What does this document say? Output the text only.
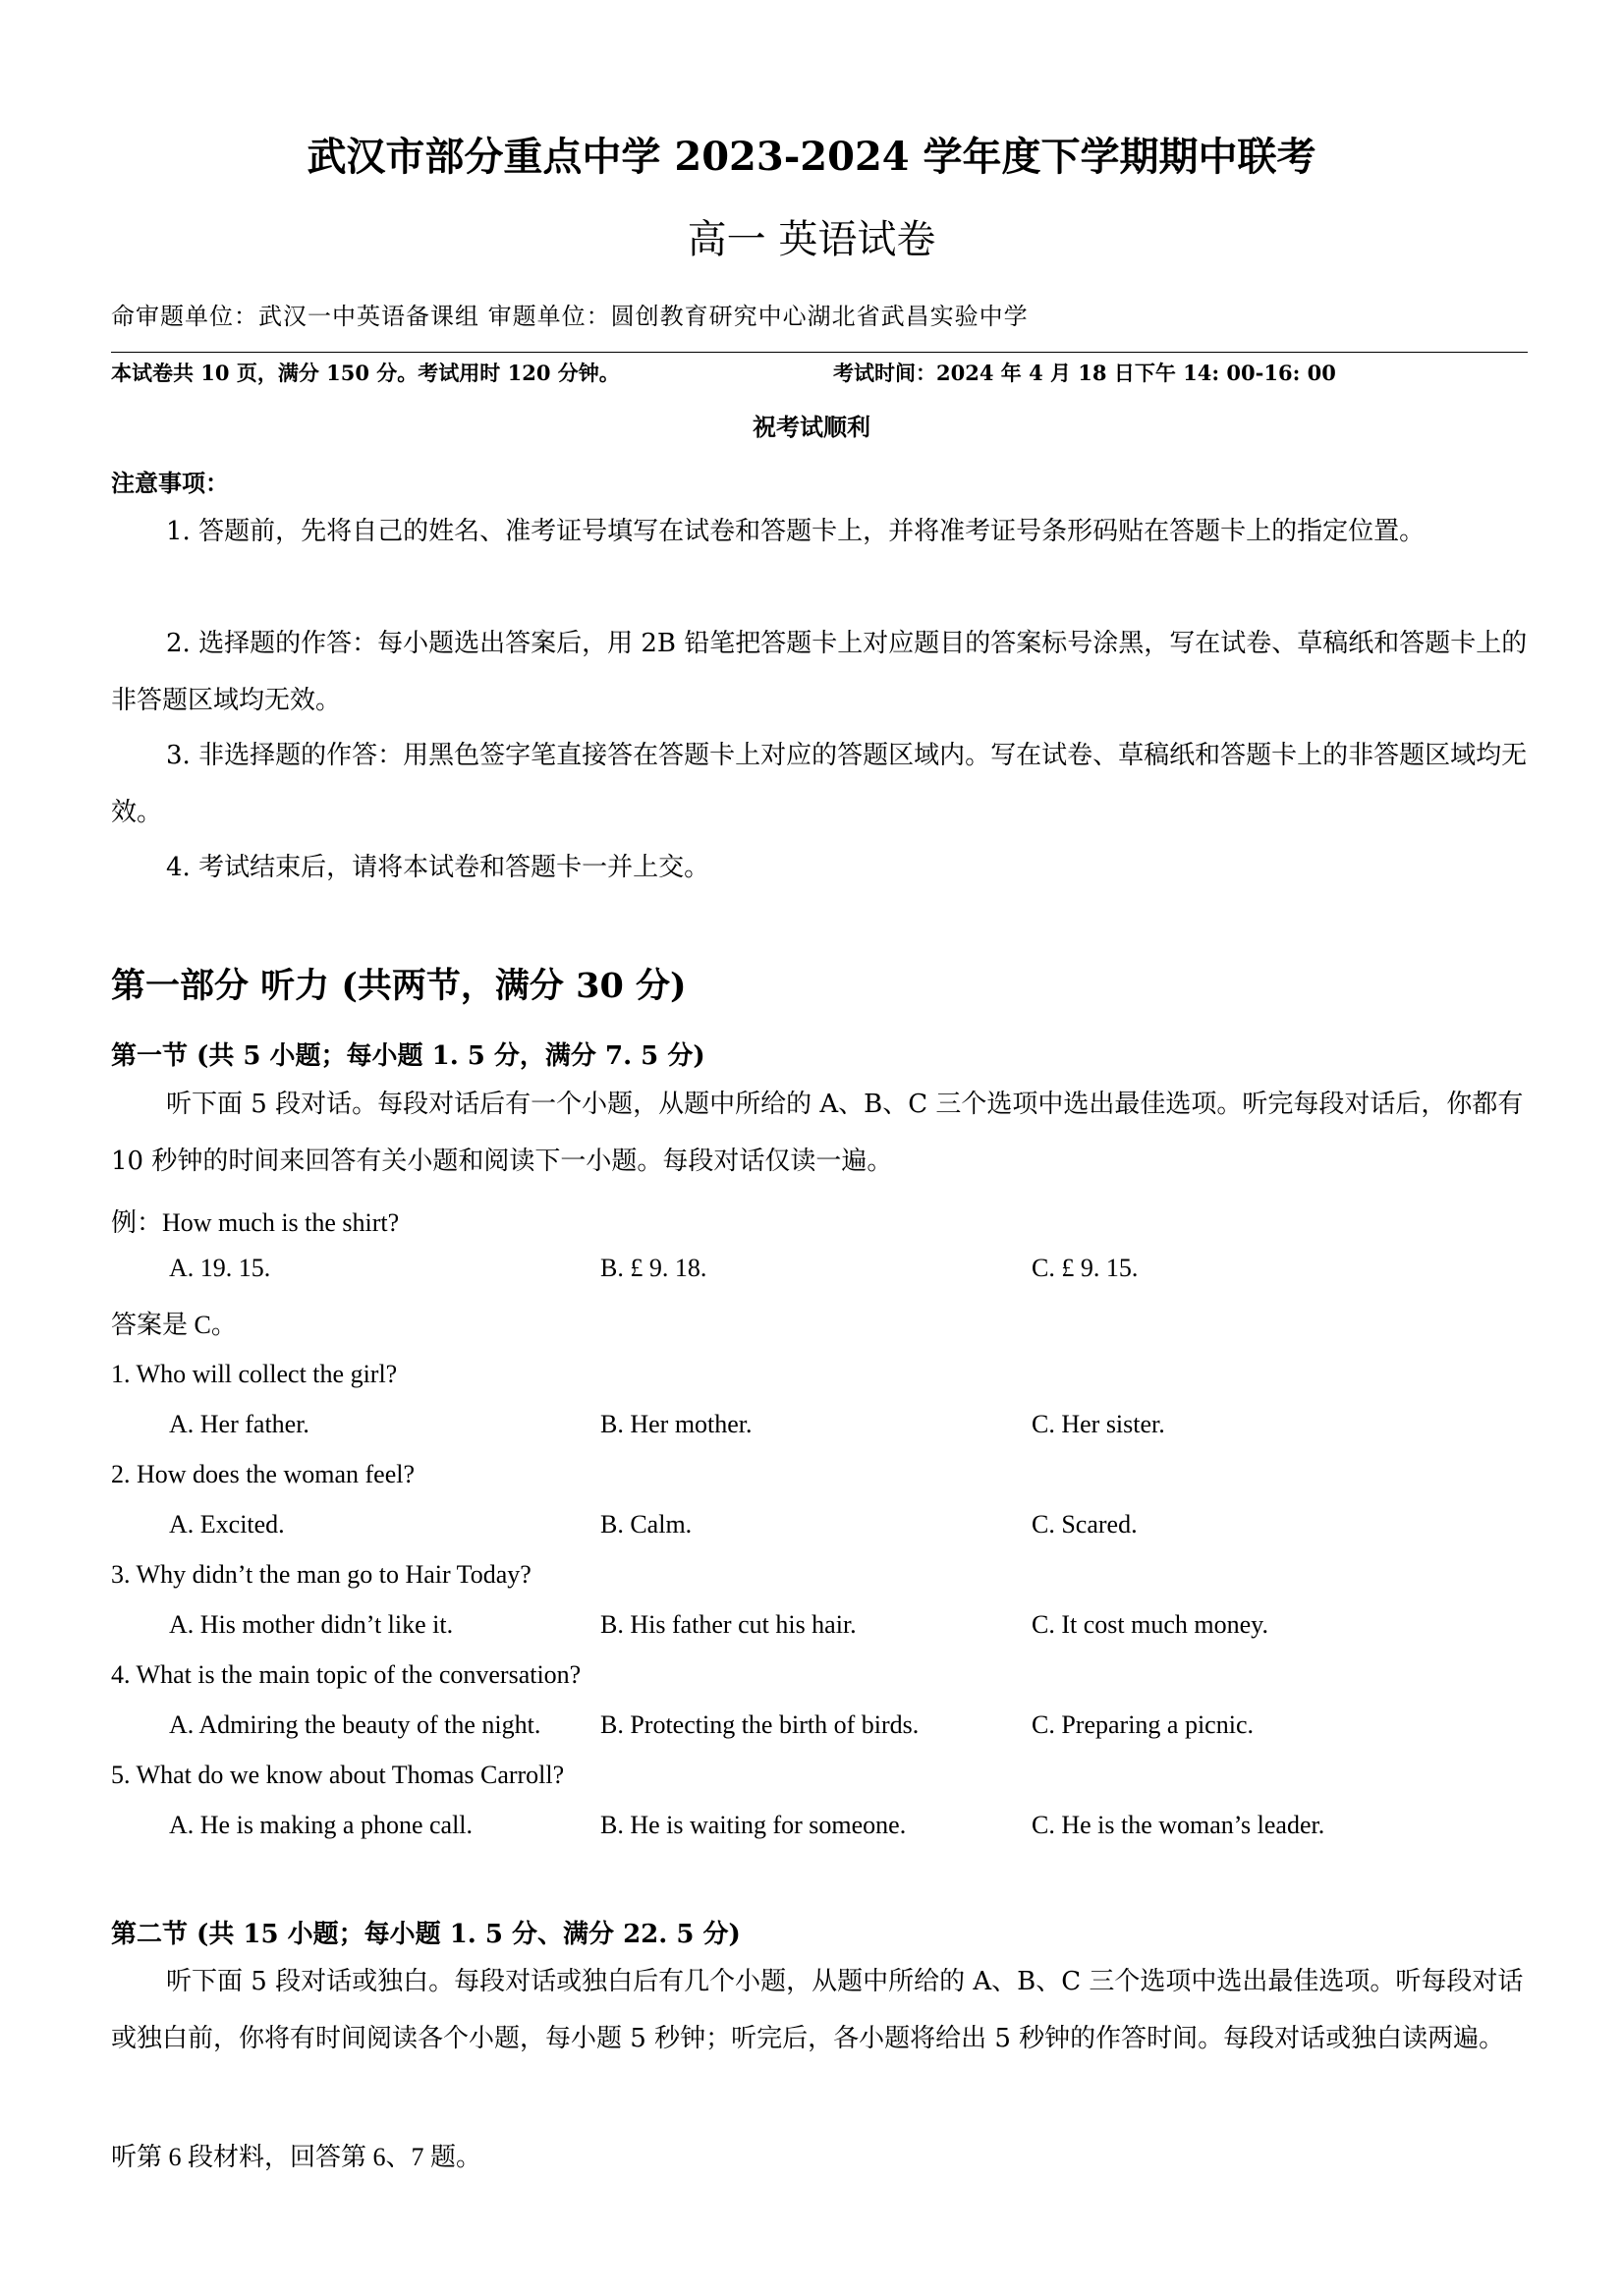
武汉市部分重点中学 2023-2024 学年度下学期期中联考
高一 英语试卷
命审题单位：武汉一中英语备课组 审题单位：圆创教育研究中心湖北省武昌实验中学
本试卷共 10 页，满分 150 分。考试用时 120 分钟。	考试时间：2024 年 4 月 18 日下午 14: 00-16: 00
祝考试顺利
注意事项：
1. 答题前，先将自己的姓名、准考证号填写在试卷和答题卡上，并将准考证号条形码贴在答题卡上的指定位置。
2. 选择题的作答：每小题选出答案后，用 2B 铅笔把答题卡上对应题目的答案标号涂黑，写在试卷、草稿纸和答题卡上的非答题区域均无效。
3. 非选择题的作答：用黑色签字笔直接答在答题卡上对应的答题区域内。写在试卷、草稿纸和答题卡上的非答题区域均无效。
4. 考试结束后，请将本试卷和答题卡一并上交。
第一部分 听力 (共两节，满分 30 分)
第一节 (共 5 小题；每小题 1. 5 分，满分 7. 5 分)
听下面 5 段对话。每段对话后有一个小题，从题中所给的 A、B、C 三个选项中选出最佳选项。听完每段对话后，你都有 10 秒钟的时间来回答有关小题和阅读下一小题。每段对话仅读一遍。
例：How much is the shirt?
A. 19. 15.	B. £ 9. 18.	C. £ 9. 15.
答案是 C。
1. Who will collect the girl?
A. Her father.	B. Her mother.	C. Her sister.
2. How does the woman feel?
A. Excited.	B. Calm.	C. Scared.
3. Why didn’t the man go to Hair Today?
A. His mother didn’t like it.	B. His father cut his hair.	C. It cost much money.
4. What is the main topic of the conversation?
A. Admiring the beauty of the night. B. Protecting the birth of birds.	C. Preparing a picnic.
5. What do we know about Thomas Carroll?
A. He is making a phone call.	B. He is waiting for someone.	C. He is the woman’s leader.
第二节 (共 15 小题；每小题 1. 5 分、满分 22. 5 分)
听下面 5 段对话或独白。每段对话或独白后有几个小题，从题中所给的 A、B、C 三个选项中选出最佳选项。听每段对话或独白前，你将有时间阅读各个小题，每小题 5 秒钟；听完后，各小题将给出 5 秒钟的作答时间。每段对话或独白读两遍。
听第 6 段材料，回答第 6、7 题。
